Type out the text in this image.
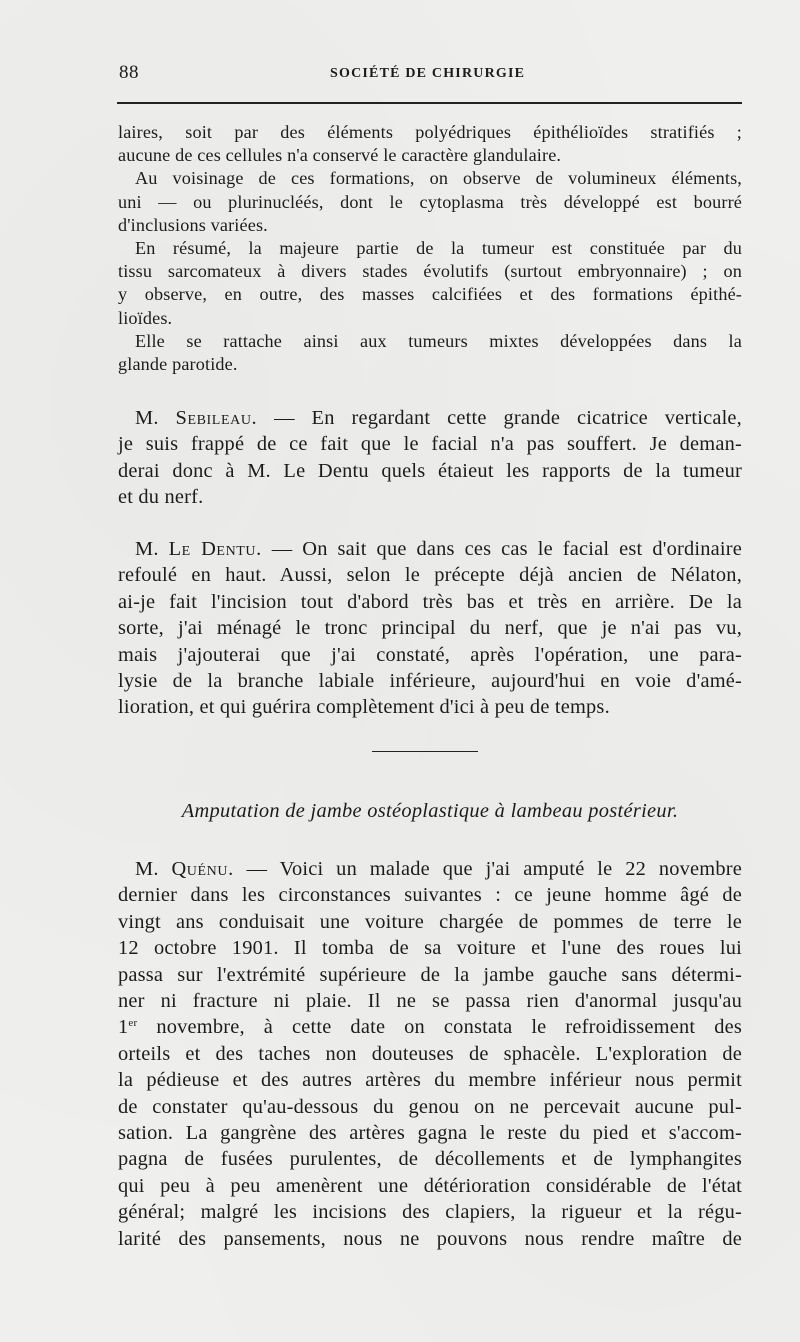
88	SOCIÉTÉ DE CHIRURGIE
laires, soit par des éléments polyédriques épithélioïdes stratifiés ;
aucune de ces cellules n'a conservé le caractère glandulaire.
Au voisinage de ces formations, on observe de volumineux éléments,
uni — ou plurinucléés, dont le cytoplasma très développé est bourré
d'inclusions variées.
En résumé, la majeure partie de la tumeur est constituée par du
tissu sarcomateux à divers stades évolutifs (surtout embryonnaire) ; on
y observe, en outre, des masses calcifiées et des formations épithé-
lioïdes.
Elle se rattache ainsi aux tumeurs mixtes développées dans la
glande parotide.
M. Sebileau. — En regardant cette grande cicatrice verticale,
je suis frappé de ce fait que le facial n'a pas souffert. Je deman-
derai donc à M. Le Dentu quels étaieut les rapports de la tumeur
et du nerf.
M. Le Dentu. — On sait que dans ces cas le facial est d'ordinaire
refoulé en haut. Aussi, selon le précepte déjà ancien de Nélaton,
ai-je fait l'incision tout d'abord très bas et très en arrière. De la
sorte, j'ai ménagé le tronc principal du nerf, que je n'ai pas vu,
mais j'ajouterai que j'ai constaté, après l'opération, une para-
lysie de la branche labiale inférieure, aujourd'hui en voie d'amé-
lioration, et qui guérira complètement d'ici à peu de temps.
Amputation de jambe ostéoplastique à lambeau postérieur.
M. Quénu. — Voici un malade que j'ai amputé le 22 novembre
dernier dans les circonstances suivantes : ce jeune homme âgé de
vingt ans conduisait une voiture chargée de pommes de terre le
12 octobre 1901. Il tomba de sa voiture et l'une des roues lui
passa sur l'extrémité supérieure de la jambe gauche sans détermi-
ner ni fracture ni plaie. Il ne se passa rien d'anormal jusqu'au
1er novembre, à cette date on constata le refroidissement des
orteils et des taches non douteuses de sphacèle. L'exploration de
la pédieuse et des autres artères du membre inférieur nous permit
de constater qu'au-dessous du genou on ne percevait aucune pul-
sation. La gangrène des artères gagna le reste du pied et s'accom-
pagna de fusées purulentes, de décollements et de lymphangites
qui peu à peu amenèrent une détérioration considérable de l'état
général; malgré les incisions des clapiers, la rigueur et la régu-
larité des pansements, nous ne pouvons nous rendre maître de
